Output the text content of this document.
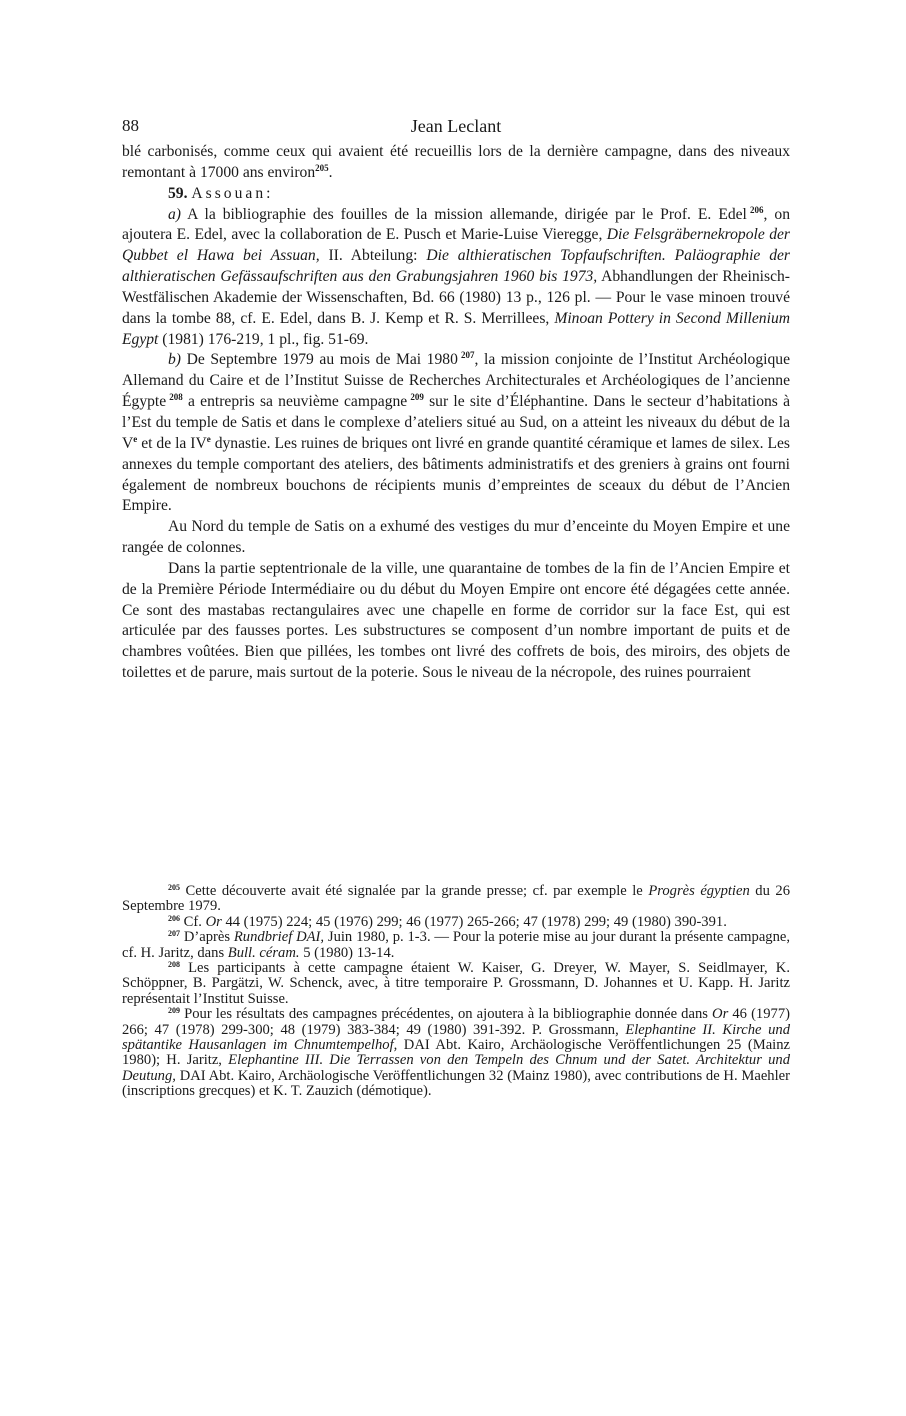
88	Jean Leclant

blé carbonisés, comme ceux qui avaient été recueillis lors de la dernière campagne, dans des niveaux remontant à 17000 ans environ$^{205}$.

59. Assouan:

a) A la bibliographie des fouilles de la mission allemande, dirigée par le Prof. E. Edel  $^{206}$, on ajoutera E. Edel, avec la collaboration de E. Pusch et Marie-Luise Vieregge, Die Felsgräbernekropole der Qubbet el Hawa bei Assuan, II. Abteilung: Die althieratischen Topfaufschriften. Paläographie der althieratischen Gefässaufschriften aus den Grabungsjahren 1960 bis 1973, Abhandlungen der Rheinisch-Westfälischen Akademie der Wissenschaften, Bd. 66 (1980) 13 p., 126 pl. — Pour le vase minoen trouvé dans la tombe 88, cf. E. Edel, dans B. J. Kemp et R. S. Merrillees, Minoan Pottery in Second Millenium Egypt (1981) 176-219, 1 pl., fig. 51-69.

b) De Septembre 1979 au mois de Mai 1980  $^{207}$, la mission conjointe de l’Institut Archéologique Allemand du Caire et de l’Institut Suisse de Recherches Architecturales et Archéologiques de l’ancienne Égypte  $^{208}$ a entrepris sa neuvième campagne  $^{209}$ sur le site d’Éléphantine. Dans le secteur d’habitations à l’Est du temple de Satis et dans le complexe d’ateliers situé au Sud, on a atteint les niveaux du début de la Ve et de la IVe dynastie. Les ruines de briques ont livré en grande quantité céramique et lames de silex. Les annexes du temple comportant des ateliers, des bâtiments administratifs et des greniers à grains ont fourni également de nombreux bouchons de récipients munis d’empreintes de sceaux du début de l’Ancien Empire.

Au Nord du temple de Satis on a exhumé des vestiges du mur d’enceinte du Moyen Empire et une rangée de colonnes.

Dans la partie septentrionale de la ville, une quarantaine de tombes de la fin de l’Ancien Empire et de la Première Période Intermédiaire ou du début du Moyen Empire ont encore été dégagées cette année. Ce sont des mastabas rectangulaires avec une chapelle en forme de corridor sur la face Est, qui est articulée par des fausses portes. Les substructures se composent d’un nombre important de puits et de chambres voûtées. Bien que pillées, les tombes ont livré des coffrets de bois, des miroirs, des objets de toilettes et de parure, mais surtout de la poterie. Sous le niveau de la nécropole, des ruines pourraient

$^{205}$ Cette découverte avait été signalée par la grande presse; cf. par exemple le Progrès égyptien du 26 Septembre 1979.

$^{206}$ Cf. Or 44 (1975) 224; 45 (1976) 299; 46 (1977) 265-266; 47 (1978) 299; 49 (1980) 390-391.

$^{207}$ D’après Rundbrief DAI, Juin 1980, p. 1-3. — Pour la poterie mise au jour durant la présente campagne, cf. H. Jaritz, dans Bull. céram. 5 (1980) 13-14.

$^{208}$ Les participants à cette campagne étaient W. Kaiser, G. Dreyer, W. Mayer, S. Seidlmayer, K. Schöppner, B. Pargätzi, W. Schenck, avec, à titre temporaire P. Grossmann, D. Johannes et U. Kapp. H. Jaritz représentait l’Institut Suisse.

$^{209}$ Pour les résultats des campagnes précédentes, on ajoutera à la bibliographie donnée dans Or 46 (1977) 266; 47 (1978) 299-300; 48 (1979) 383-384; 49 (1980) 391-392. P. Grossmann, Elephantine II. Kirche und spätantike Hausanlagen im Chnumtempelhof, DAI Abt. Kairo, Archäologische Veröffentlichungen 25 (Mainz 1980); H. Jaritz, Elephantine III. Die Terrassen von den Tempeln des Chnum und der Satet. Architektur und Deutung, DAI Abt. Kairo, Archäologische Veröffentlichungen 32 (Mainz 1980), avec contributions de H. Maehler (inscriptions grecques) et K. T. Zauzich (démotique).
